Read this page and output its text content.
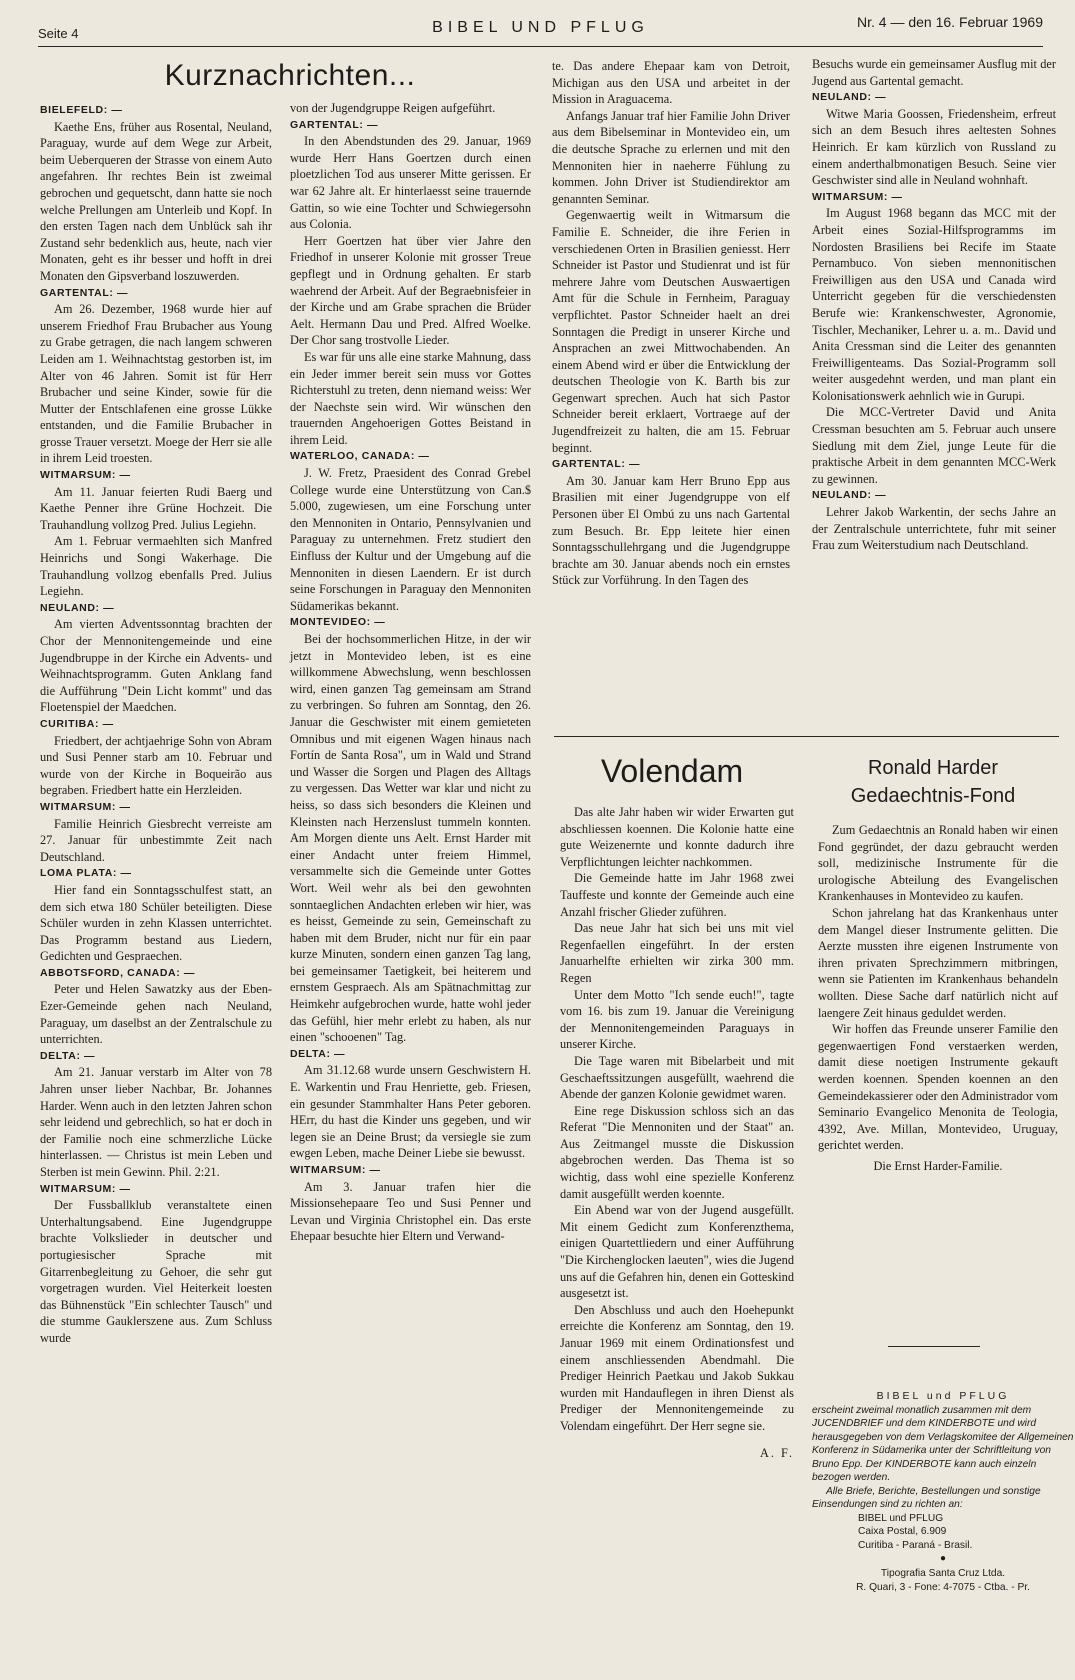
Seite 4	BIBEL UND PFLUG	Nr. 4 — den 16. Februar 1969
Kurznachrichten...

BIELEFELD: —

Kaethe Ens, früher aus Rosental, Neuland, Paraguay, wurde auf dem Wege zur Arbeit, beim Ueberqueren der Strasse von einem Auto angefahren. Ihr rechtes Bein ist zweimal gebrochen und gequetscht, dann hatte sie noch welche Prellungen am Unterleib und Kopf. In den ersten Tagen nach dem Unblück sah ihr Zustand sehr bedenklich aus, heute, nach vier Monaten, geht es ihr besser und hofft in drei Monaten den Gipsverband loszuwerden.

GARTENTAL: —

Am 26. Dezember, 1968 wurde hier auf unserem Friedhof Frau Brubacher aus Young zu Grabe getragen, die nach langem schweren Leiden am 1. Weihnachtstag gestorben ist, im Alter von 46 Jahren. Somit ist für Herr Brubacher und seine Kinder, sowie für die Mutter der Entschlafenen eine grosse Lükke entstanden, und die Familie Brubacher in grosse Trauer versetzt. Moege der Herr sie alle in ihrem Leid troesten.

WITMARSUM: —

Am 11. Januar feierten Rudi Baerg und Kaethe Penner ihre Grüne Hochzeit. Die Trauhandlung vollzog Pred. Julius Legiehn.

Am 1. Februar vermaehlten sich Manfred Heinrichs und Songi Wakerhage. Die Trauhandlung vollzog ebenfalls Pred. Julius Legiehn.

NEULAND: —

Am vierten Adventssonntag brachten der Chor der Mennonitengemeinde und eine Jugendbruppe in der Kirche ein Advents- und Weihnachtsprogramm. Guten Anklang fand die Aufführung "Dein Licht kommt" und das Floetenspiel der Maedchen.

CURITIBA: —

Friedbert, der achtjaehrige Sohn von Abram und Susi Penner starb am 10. Februar und wurde von der Kirche in Boqueirão aus begraben. Friedbert hatte ein Herzleiden.

WITMARSUM: —

Familie Heinrich Giesbrecht verreiste am 27. Januar für unbestimmte Zeit nach Deutschland.

LOMA PLATA: —

Hier fand ein Sonntagsschulfest statt, an dem sich etwa 180 Schüler beteiligten. Diese Schüler wurden in zehn Klassen unterrichtet. Das Programm bestand aus Liedern, Gedichten und Gespraechen.

ABBOTSFORD, CANADA: —

Peter und Helen Sawatzky aus der Eben-Ezer-Gemeinde gehen nach Neuland, Paraguay, um daselbst an der Zentralschule zu unterrichten.

DELTA: —

Am 21. Januar verstarb im Alter von 78 Jahren unser lieber Nachbar, Br. Johannes Harder. Wenn auch in den letzten Jahren schon sehr leidend und gebrechlich, so hat er doch in der Familie noch eine schmerzliche Lücke hinterlassen. — Christus ist mein Leben und Sterben ist mein Gewinn. Phil. 2:21.

WITMARSUM: —

Der Fussballklub veranstaltete einen Unterhaltungsabend. Eine Jugendgruppe brachte Volkslieder in deutscher und portugiesischer Sprache mit Gitarrenbegleitung zu Gehoer, die sehr gut vorgetragen wurden. Viel Heiterkeit loesten das Bühnenstück "Ein schlechter Tausch" und die stumme Gauklerszene aus. Zum Schluss wurde

von der Jugendgruppe Reigen aufgeführt.

GARTENTAL: —

In den Abendstunden des 29. Januar, 1969 wurde Herr Hans Goertzen durch einen ploetzlichen Tod aus unserer Mitte gerissen. Er war 62 Jahre alt. Er hinterlaesst seine trauernde Gattin, so wie eine Tochter und Schwiegersohn aus Colonia.

Herr Goertzen hat über vier Jahre den Friedhof in unserer Kolonie mit grosser Treue gepflegt und in Ordnung gehalten. Er starb waehrend der Arbeit. Auf der Begraebnisfeier in der Kirche und am Grabe sprachen die Brüder Aelt. Hermann Dau und Pred. Alfred Woelke. Der Chor sang trostvolle Lieder.

Es war für uns alle eine starke Mahnung, dass ein Jeder immer bereit sein muss vor Gottes Richterstuhl zu treten, denn niemand weiss: Wer der Naechste sein wird. Wir wünschen den trauernden Angehoerigen Gottes Beistand in ihrem Leid.

WATERLOO, CANADA: —

J. W. Fretz, Praesident des Conrad Grebel College wurde eine Unterstützung von Can.$ 5.000, zugewiesen, um eine Forschung unter den Mennoniten in Ontario, Pennsylvanien und Paraguay zu unternehmen. Fretz studiert den Einfluss der Kultur und der Umgebung auf die Mennoniten in diesen Laendern. Er ist durch seine Forschungen in Paraguay den Mennoniten Südamerikas bekannt.

MONTEVIDEO: —

Bei der hochsommerlichen Hitze, in der wir jetzt in Montevideo leben, ist es eine willkommene Abwechslung, wenn beschlossen wird, einen ganzen Tag gemeinsam am Strand zu verbringen. So fuhren am Sonntag, den 26. Januar die Geschwister mit einem gemieteten Omnibus und mit eigenen Wagen hinaus nach Fortín de Santa Rosa", um in Wald und Strand und Wasser die Sorgen und Plagen des Alltags zu vergessen. Das Wetter war klar und nicht zu heiss, so dass sich besonders die Kleinen und Kleinsten nach Herzenslust tummeln konnten. Am Morgen diente uns Aelt. Ernst Harder mit einer Andacht unter freiem Himmel, versammelte sich die Gemeinde unter Gottes Wort. Weil wehr als bei den gewohnten sonntaeglichen Andachten erleben wir hier, was es heisst, Gemeinde zu sein, Gemeinschaft zu haben mit dem Bruder, nicht nur für ein paar kurze Minuten, sondern einen ganzen Tag lang, bei gemeinsamer Taetigkeit, bei heiterem und ernstem Gespraech. Als am Spätnachmittag zur Heimkehr aufgebrochen wurde, hatte wohl jeder das Gefühl, hier mehr erlebt zu haben, als nur einen "schooenen" Tag.

DELTA: —

Am 31.12.68 wurde unsern Geschwistern H. E. Warkentin und Frau Henriette, geb. Friesen, ein gesunder Stammhalter Hans Peter geboren. HErr, du hast die Kinder uns gegeben, und wir legen sie an Deine Brust; da versiegle sie zum ewgen Leben, mache Deiner Liebe sie bewusst.

WITMARSUM: —

Am 3. Januar trafen hier die Missionsehepaare Teo und Susi Penner und Levan und Virginia Christophel ein. Das erste Ehepaar besuchte hier Eltern und Verwand-

te. Das andere Ehepaar kam von Detroit, Michigan aus den USA und arbeitet in der Mission in Araguacema.

Anfangs Januar traf hier Familie John Driver aus dem Bibelseminar in Montevideo ein, um die deutsche Sprache zu erlernen und mit den Mennoniten hier in naeherre Fühlung zu kommen. John Driver ist Studiendirektor am genannten Seminar.

Gegenwaertig weilt in Witmarsum die Familie E. Schneider, die ihre Ferien in verschiedenen Orten in Brasilien geniesst. Herr Schneider ist Pastor und Studienrat und ist für mehrere Jahre vom Deutschen Auswaertigen Amt für die Schule in Fernheim, Paraguay verpflichtet. Pastor Schneider haelt an drei Sonntagen die Predigt in unserer Kirche und Ansprachen an zwei Mittwochabenden. An einem Abend wird er über die Entwicklung der deutschen Theologie von K. Barth bis zur Gegenwart sprechen. Auch hat sich Pastor Schneider bereit erklaert, Vortraege auf der Jugendfreizeit zu halten, die am 15. Februar beginnt.

GARTENTAL: —

Am 30. Januar kam Herr Bruno Epp aus Brasilien mit einer Jugendgruppe von elf Personen über El Ombú zu uns nach Gartental zum Besuch. Br. Epp leitete hier einen Sonntagsschullehrgang und die Jugendgruppe brachte am 30. Januar abends noch ein ernstes Stück zur Vorführung. In den Tagen des

Besuchs wurde ein gemeinsamer Ausflug mit der Jugend aus Gartental gemacht.

NEULAND: —

Witwe Maria Goossen, Friedensheim, erfreut sich an dem Besuch ihres aeltesten Sohnes Heinrich. Er kam kürzlich von Russland zu einem anderthalbmonatigen Besuch. Seine vier Geschwister sind alle in Neuland wohnhaft.

WITMARSUM: —

Im August 1968 begann das MCC mit der Arbeit eines Sozial-Hilfsprogramms im Nordosten Brasiliens bei Recife im Staate Pernambuco. Von sieben mennonitischen Freiwilligen aus den USA und Canada wird Unterricht gegeben für die verschiedensten Berufe wie: Krankenschwester, Agronomie, Tischler, Mechaniker, Lehrer u. a. m.. David und Anita Cressman sind die Leiter des genannten Freiwilligenteams. Das Sozial-Programm soll weiter ausgedehnt werden, und man plant ein Kolonisationswerk aehnlich wie in Gurupi.

Die MCC-Vertreter David und Anita Cressman besuchten am 5. Februar auch unsere Siedlung mit dem Ziel, junge Leute für die praktische Arbeit in dem genannten MCC-Werk zu gewinnen.

NEULAND: —

Lehrer Jakob Warkentin, der sechs Jahre an der Zentralschule unterrichtete, fuhr mit seiner Frau zum Weiterstudium nach Deutschland.

Volendam

Das alte Jahr haben wir wider Erwarten gut abschliessen koennen. Die Kolonie hatte eine gute Weizenernte und konnte dadurch ihre Verpflichtungen leichter nachkommen.

Die Gemeinde hatte im Jahr 1968 zwei Tauffeste und konnte der Gemeinde auch eine Anzahl frischer Glieder zuführen.

Das neue Jahr hat sich bei uns mit viel Regenfaellen eingeführt. In der ersten Januarhelfte erhielten wir zirka 300 mm. Regen

Unter dem Motto "Ich sende euch!", tagte vom 16. bis zum 19. Januar die Vereinigung der Mennonitengemeinden Paraguays in unserer Kirche.

Die Tage waren mit Bibelarbeit und mit Geschaeftssitzungen ausgefüllt, waehrend die Abende der ganzen Kolonie gewidmet waren.

Eine rege Diskussion schloss sich an das Referat "Die Mennoniten und der Staat" an. Aus Zeitmangel musste die Diskussion abgebrochen werden. Das Thema ist so wichtig, dass wohl eine spezielle Konferenz damit ausgefüllt werden koennte.

Ein Abend war von der Jugend ausgefüllt. Mit einem Gedicht zum Konferenzthema, einigen Quartettliedern und einer Aufführung "Die Kirchenglocken laeuten", wies die Jugend uns auf die Gefahren hin, denen ein Gotteskind ausgesetzt ist.

Den Abschluss und auch den Hoehepunkt erreichte die Konferenz am Sonntag, den 19. Januar 1969 mit einem Ordinationsfest und einem anschliessenden Abendmahl. Die Prediger Heinrich Paetkau und Jakob Sukkau wurden mit Handauflegen in ihren Dienst als Prediger der Mennonitengemeinde zu Volendam eingeführt. Der Herr segne sie.

A. F.
Ronald Harder
Gedaechtnis-Fond

Zum Gedaechtnis an Ronald haben wir einen Fond gegründet, der dazu gebraucht werden soll, medizinische Instrumente für die urologische Abteilung des Evangelischen Krankenhauses in Montevideo zu kaufen.

Schon jahrelang hat das Krankenhaus unter dem Mangel dieser Instrumente gelitten. Die Aerzte mussten ihre eigenen Instrumente von ihren privaten Sprechzimmern mitbringen, wenn sie Patienten im Krankenhaus behandeln wollten. Diese Sache darf natürlich nicht auf laengere Zeit hinaus geduldet werden.

Wir hoffen das Freunde unserer Familie den gegenwaertigen Fond verstaerken werden, damit diese noetigen Instrumente gekauft werden koennen. Spenden koennen an den Gemeindekassierer oder den Administrador vom Seminario Evangelico Menonita de Teologia, 4392, Ave. Millan, Montevideo, Uruguay, gerichtet werden.

Die Ernst Harder-Familie.
BIBEL und PFLUG
erscheint zweimal monatlich zusammen mit dem JUCENDBRIEF und dem KINDERBOTE und wird herausgegeben von dem Verlagskomitee der Allgemeinen Konferenz in Südamerika unter der Schriftleitung von Bruno Epp. Der KINDERBOTE kann auch einzeln bezogen werden.
Alle Briefe, Berichte, Bestellungen und sonstige Einsendungen sind zu richten an:
BIBEL und PFLUG
Caixa Postal, 6.909
Curitiba - Paraná - Brasil.
●
Tipografia Santa Cruz Ltda.
R. Quari, 3 - Fone: 4-7075 - Ctba. - Pr.
